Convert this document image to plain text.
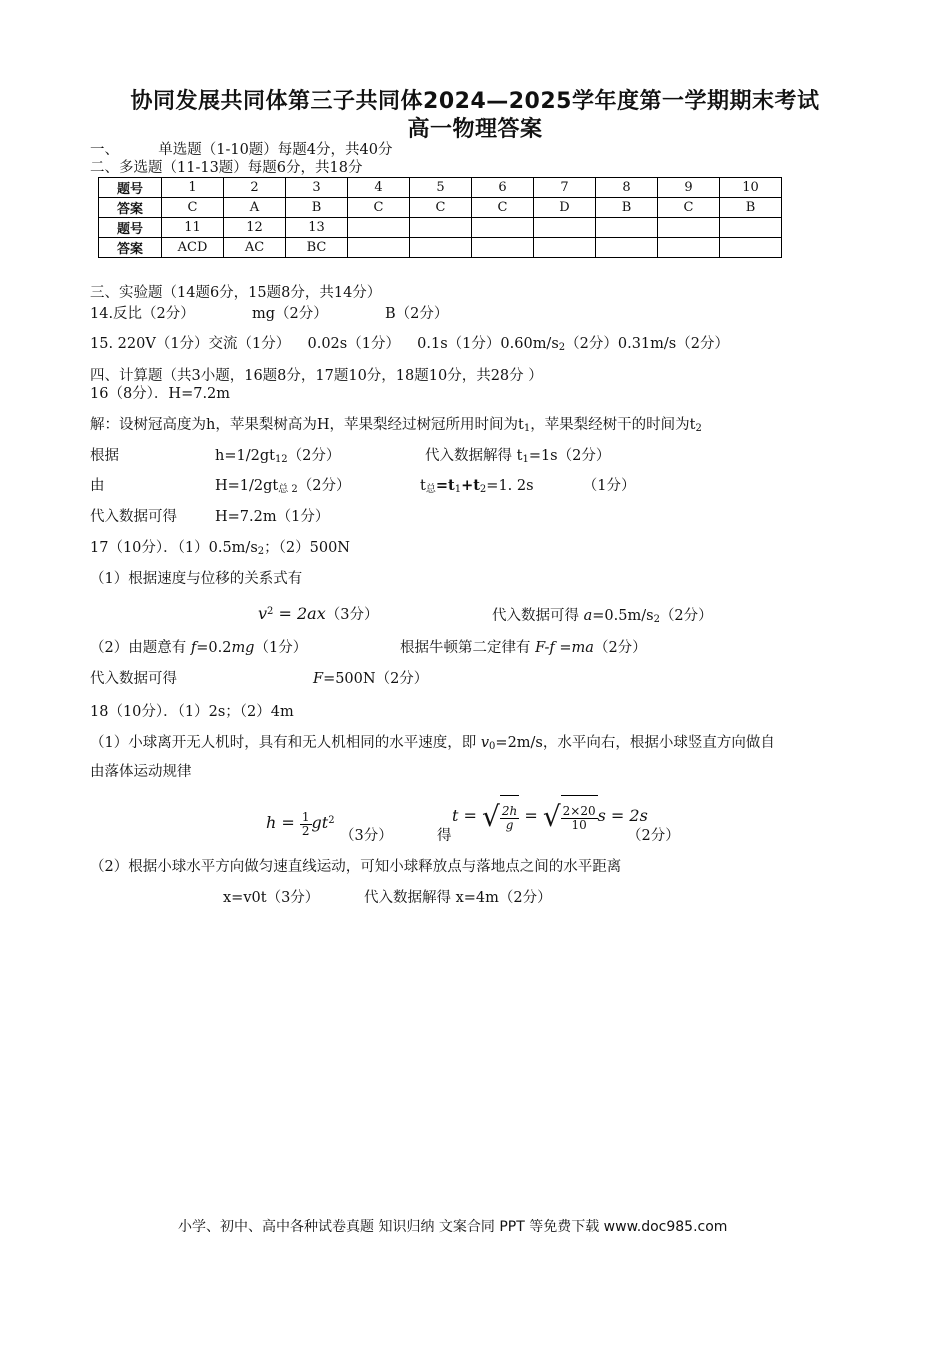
协同发展共同体第三子共同体2024—2025学年度第一学期期末考试
高一物理答案
一、	单选题（1-10题）每题4分，共40分
二、多选题（11-13题）每题6分，共18分
题号	1	2	3	4	5	6	7	8	9	10
答案	C	A	B	C	C	C	D	B	C	B
题号	11	12	13							
答案	ACD	AC	BC							
三、实验题（14题6分，15题8分，共14分）
14.反比（2分）	mg（2分）	B（2分）
15. 220V（1分）交流（1分） 0.02s（1分） 0.1s（1分）$0.60m/s_2(2$分）0.31m/s（2分）
四、计算题（共3小题，16题8分，17题10分，18题10分，共28分 ）
16（8分）．H=7.2m
解：设树冠高度为h，苹果梨树高为H，苹果梨经过树冠所用时间为$t_1$，苹果梨经树干的时间为$t_2$
根据	$h=1/2gt_{12}(2$分）	代入数据解得 $t_1=1s(2$分）
由	$H=1/2gt_{总 2}(2$分）	$t_总=t_1+t_2=1$. 2s	（1分）
代入数据可得	H=7.2m（1分）
17（10分）．$(1)0.5m/s_2$；（2）500N
（1）根据速度与位移的关系式有
$v^2 = 2ax(3$分）	代入数据可得 $a=0.5m/s_2(2$分）
（2）由题意有 f=0.2mg（1分）	根据牛顿第二定律有 F-f =ma（2分）
代入数据可得	F=500N（2分）
18（10分）．（1）2s；（2）4m
（1）小球离开无人机时，具有和无人机相同的水平速度，即 $v_0=2m/s$，水平向右，根据小球竖直方向做自
由落体运动规律
$h = \frac{1}{2} gt^2$
（3分）	得
t = √ $\frac{2h}{g}$ = √ $\frac{2\times 20}{10}$ s = 2s
（2分）
（2）根据小球水平方向做匀速直线运动，可知小球释放点与落地点之间的水平距离
x=v0t（3分）	代入数据解得 x=4m（2分）
小学、初中、高中各种试卷真题 知识归纳 文案合同 PPT 等免费下载 www.doc985.com
